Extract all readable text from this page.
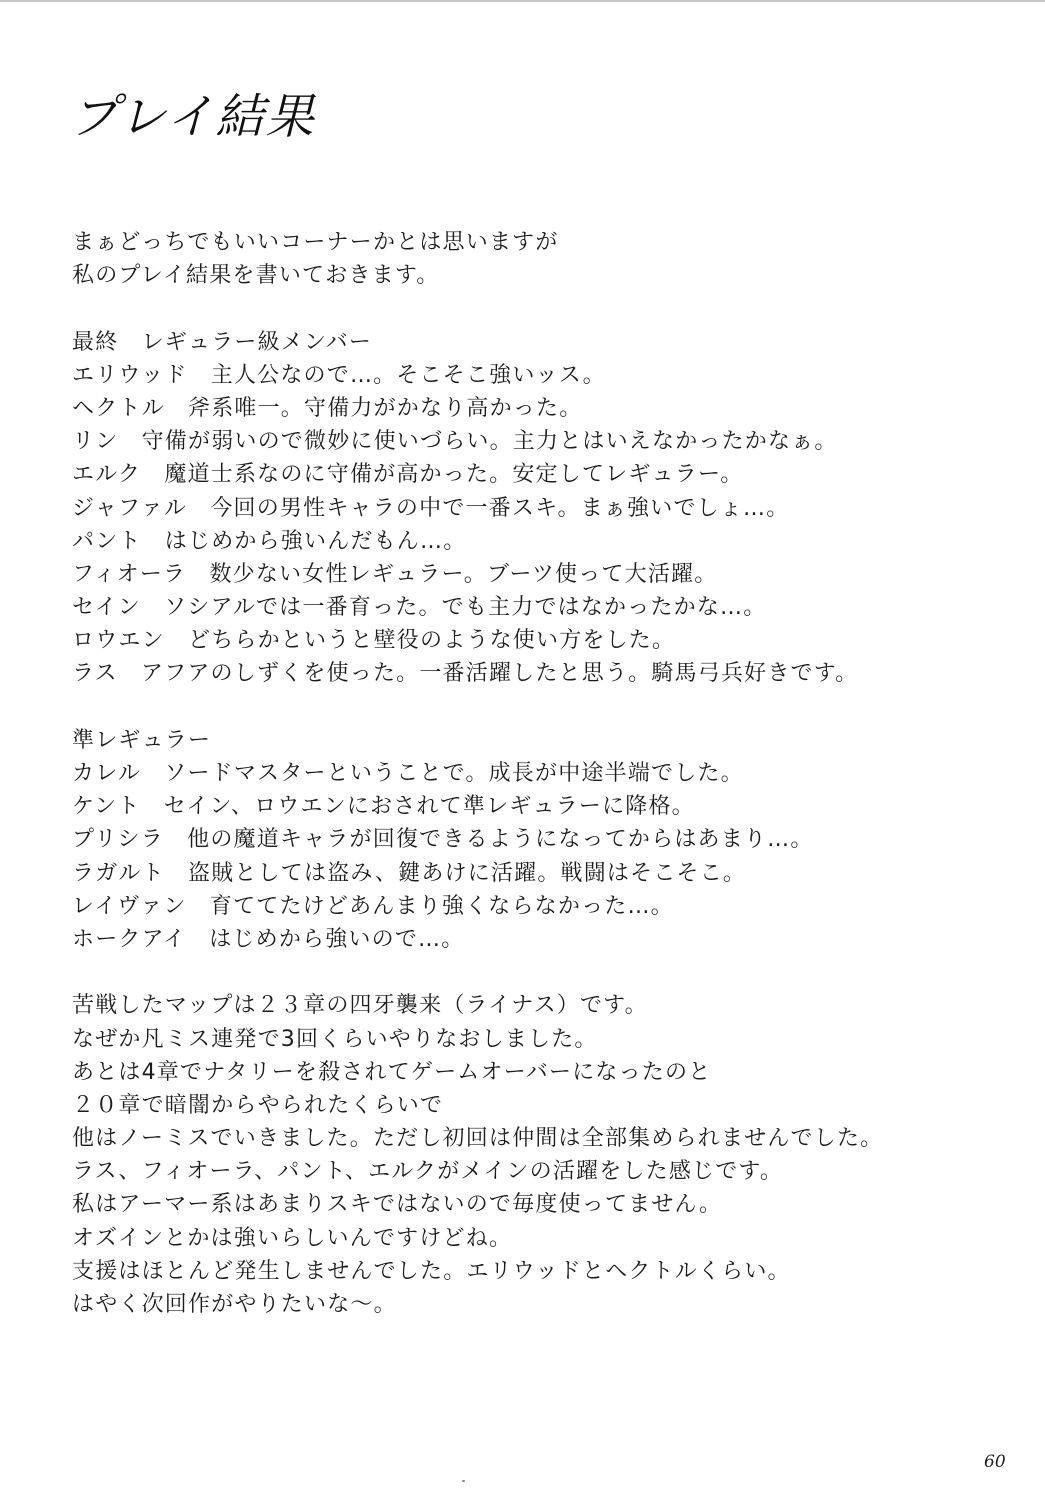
プレイ結果
まぁどっちでもいいコーナーかとは思いますが
私のプレイ結果を書いておきます。
最終　レギュラー級メンバー
エリウッド　主人公なので…。そこそこ強いッス。
ヘクトル　斧系唯一。守備力がかなり高かった。
リン　守備が弱いので微妙に使いづらい。主力とはいえなかったかなぁ。
エルク　魔道士系なのに守備が高かった。安定してレギュラー。
ジャファル　今回の男性キャラの中で一番スキ。まぁ強いでしょ…。
パント　はじめから強いんだもん…。
フィオーラ　数少ない女性レギュラー。ブーツ使って大活躍。
セイン　ソシアルでは一番育った。でも主力ではなかったかな…。
ロウエン　どちらかというと壁役のような使い方をした。
ラス　アフアのしずくを使った。一番活躍したと思う。騎馬弓兵好きです。
準レギュラー
カレル　ソードマスターということで。成長が中途半端でした。
ケント　セイン、ロウエンにおされて準レギュラーに降格。
プリシラ　他の魔道キャラが回復できるようになってからはあまり…。
ラガルト　盗賊としては盗み、鍵あけに活躍。戦闘はそこそこ。
レイヴァン　育ててたけどあんまり強くならなかった…。
ホークアイ　はじめから強いので…。
苦戦したマップは２３章の四牙襲来（ライナス）です。
なぜか凡ミス連発で3回くらいやりなおしました。
あとは4章でナタリーを殺されてゲームオーバーになったのと
２０章で暗闇からやられたくらいで
他はノーミスでいきました。ただし初回は仲間は全部集められませんでした。
ラス、フィオーラ、パント、エルクがメインの活躍をした感じです。
私はアーマー系はあまりスキではないので毎度使ってません。
オズインとかは強いらしいんですけどね。
支援はほとんど発生しませんでした。エリウッドとヘクトルくらい。
はやく次回作がやりたいな～。
60
